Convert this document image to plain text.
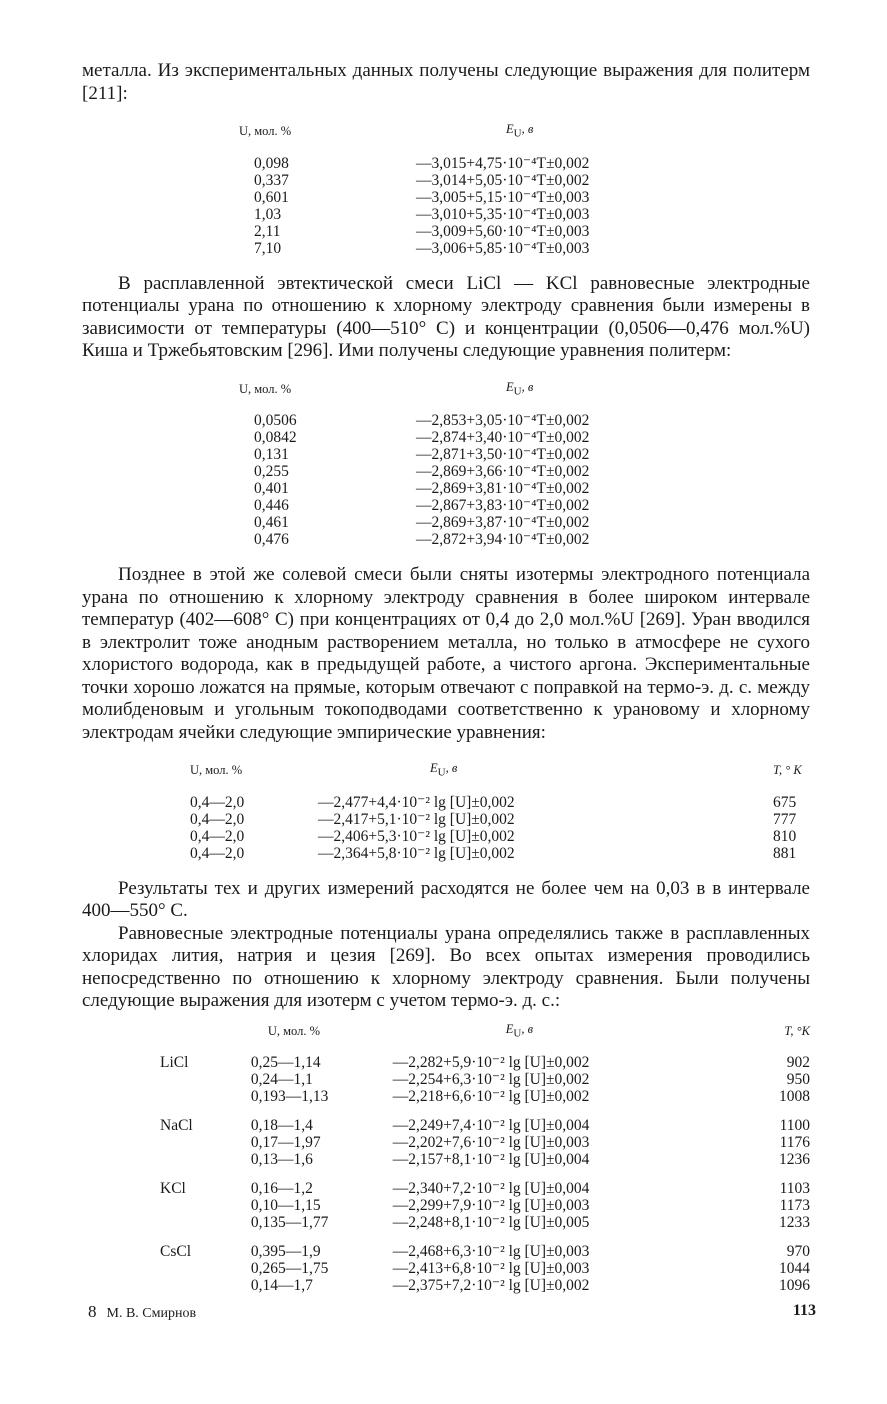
металла. Из экспериментальных данных получены следующие выражения для политерм [211]:

U, мол. %	$E_U$, в
0,098	—3,015+4,75·10⁻⁴T±0,002
0,337	—3,014+5,05·10⁻⁴T±0,002
0,601	—3,005+5,15·10⁻⁴T±0,003
1,03	—3,010+5,35·10⁻⁴T±0,003
2,11	—3,009+5,60·10⁻⁴T±0,003
7,10	—3,006+5,85·10⁻⁴T±0,003

В расплавленной эвтектической смеси LiCl — KCl равновесные электродные потенциалы урана по отношению к хлорному электроду сравнения были измерены в зависимости от температуры (400—510° С) и концентрации (0,0506—0,476 мол.%U) Киша и Тржебьятовским [296]. Ими получены следующие уравнения политерм:

U, мол. %	$E_U$, в
0,0506	—2,853+3,05·10⁻⁴T±0,002
0,0842	—2,874+3,40·10⁻⁴T±0,002
0,131	—2,871+3,50·10⁻⁴T±0,002
0,255	—2,869+3,66·10⁻⁴T±0,002
0,401	—2,869+3,81·10⁻⁴T±0,002
0,446	—2,867+3,83·10⁻⁴T±0,002
0,461	—2,869+3,87·10⁻⁴T±0,002
0,476	—2,872+3,94·10⁻⁴T±0,002

Позднее в этой же солевой смеси были сняты изотермы электродного потенциала урана по отношению к хлорному электроду сравнения в более широком интервале температур (402—608° С) при концентрациях от 0,4 до 2,0 мол.%U [269]. Уран вводился в электролит тоже анодным растворением металла, но только в атмосфере не сухого хлористого водорода, как в предыдущей работе, а чистого аргона. Экспериментальные точки хорошо ложатся на прямые, которым отвечают с поправкой на термо-э. д. с. между молибденовым и угольным токоподводами соответственно к урановому и хлорному электродам ячейки следующие эмпирические уравнения:

U, мол. %	$E_U$, в	T, ° K
0,4—2,0	—2,477+4,4·10⁻² lg [U]±0,002	675
0,4—2,0	—2,417+5,1·10⁻² lg [U]±0,002	777
0,4—2,0	—2,406+5,3·10⁻² lg [U]±0,002	810
0,4—2,0	—2,364+5,8·10⁻² lg [U]±0,002	881

Результаты тех и других измерений расходятся не более чем на 0,03 в в интервале 400—550° С.

Равновесные электродные потенциалы урана определялись также в расплавленных хлоридах лития, натрия и цезия [269]. Во всех опытах измерения проводились непосредственно по отношению к хлорному электроду сравнения. Были получены следующие выражения для изотерм с учетом термо-э. д. с.:

	U, мол. %	$E_U$, в	T, °K
LiCl	0,25—1,14	—2,282+5,9·10⁻² lg [U]±0,002	902
	0,24—1,1	—2,254+6,3·10⁻² lg [U]±0,002	950
	0,193—1,13	—2,218+6,6·10⁻² lg [U]±0,002	1008
NaCl	0,18—1,4	—2,249+7,4·10⁻² lg [U]±0,004	1100
	0,17—1,97	—2,202+7,6·10⁻² lg [U]±0,003	1176
	0,13—1,6	—2,157+8,1·10⁻² lg [U]±0,004	1236
KCl	0,16—1,2	—2,340+7,2·10⁻² lg [U]±0,004	1103
	0,10—1,15	—2,299+7,9·10⁻² lg [U]±0,003	1173
	0,135—1,77	—2,248+8,1·10⁻² lg [U]±0,005	1233
CsCl	0,395—1,9	—2,468+6,3·10⁻² lg [U]±0,003	970
	0,265—1,75	—2,413+6,8·10⁻² lg [U]±0,003	1044
	0,14—1,7	—2,375+7,2·10⁻² lg [U]±0,002	1096
8 М. В. Смирнов	113
